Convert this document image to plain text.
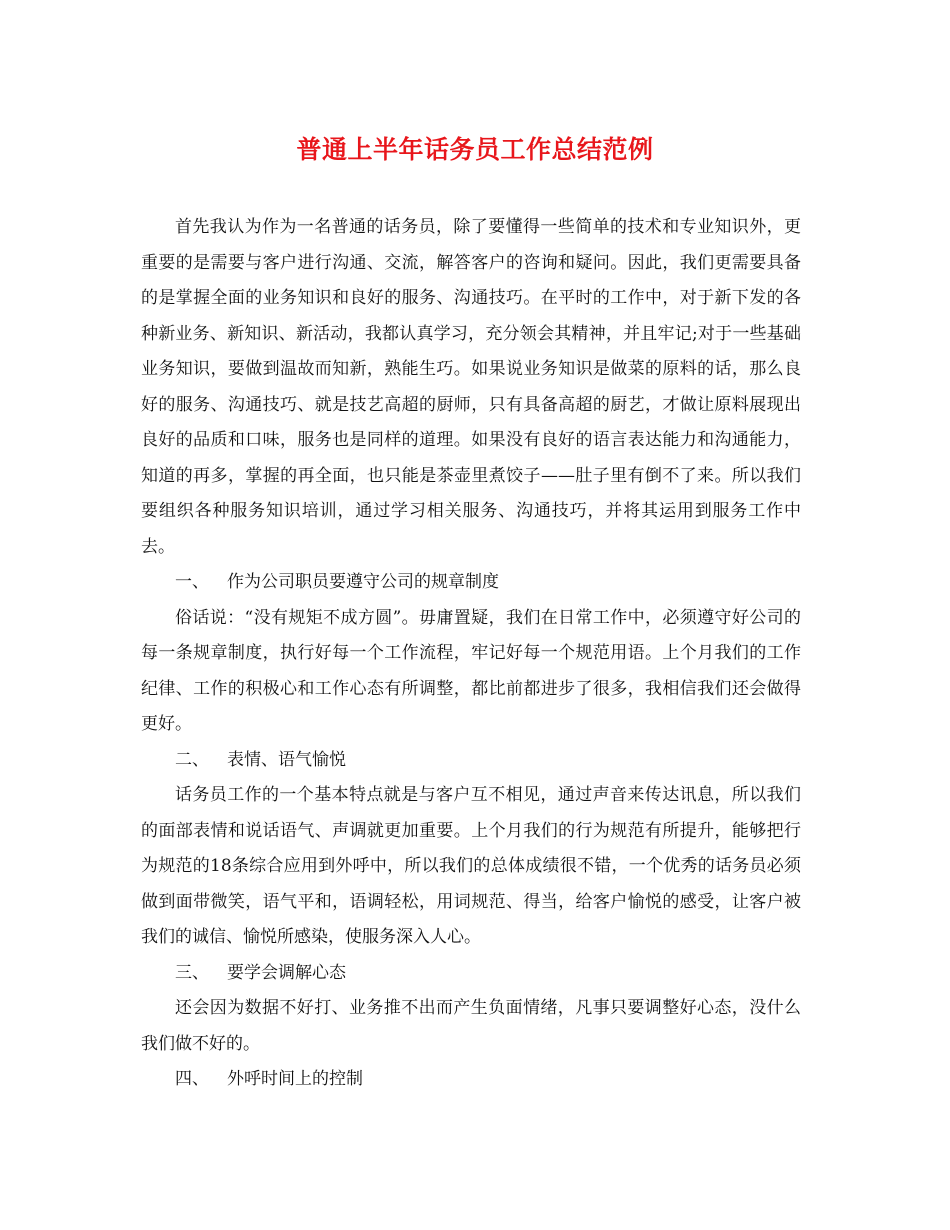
普通上半年话务员工作总结范例

首先我认为作为一名普通的话务员，除了要懂得一些简单的技术和专业知识外，更重要的是需要与客户进行沟通、交流，解答客户的咨询和疑问。因此，我们更需要具备的是掌握全面的业务知识和良好的服务、沟通技巧。在平时的工作中，对于新下发的各种新业务、新知识、新活动，我都认真学习，充分领会其精神，并且牢记;对于一些基础业务知识，要做到温故而知新，熟能生巧。如果说业务知识是做菜的原料的话，那么良好的服务、沟通技巧、就是技艺高超的厨师，只有具备高超的厨艺，才做让原料展现出良好的品质和口味，服务也是同样的道理。如果没有良好的语言表达能力和沟通能力，知道的再多，掌握的再全面，也只能是茶壶里煮饺子——肚子里有倒不了来。所以我们要组织各种服务知识培训，通过学习相关服务、沟通技巧，并将其运用到服务工作中去。

一、 作为公司职员要遵守公司的规章制度

俗话说：“没有规矩不成方圆”。毋庸置疑，我们在日常工作中，必须遵守好公司的每一条规章制度，执行好每一个工作流程，牢记好每一个规范用语。上个月我们的工作纪律、工作的积极心和工作心态有所调整，都比前都进步了很多，我相信我们还会做得更好。

二、 表情、语气愉悦

话务员工作的一个基本特点就是与客户互不相见，通过声音来传达讯息，所以我们的面部表情和说话语气、声调就更加重要。上个月我们的行为规范有所提升，能够把行为规范的18条综合应用到外呼中，所以我们的总体成绩很不错，一个优秀的话务员必须做到面带微笑，语气平和，语调轻松，用词规范、得当，给客户愉悦的感受，让客户被我们的诚信、愉悦所感染，使服务深入人心。

三、 要学会调解心态

还会因为数据不好打、业务推不出而产生负面情绪，凡事只要调整好心态，没什么我们做不好的。

四、 外呼时间上的控制
